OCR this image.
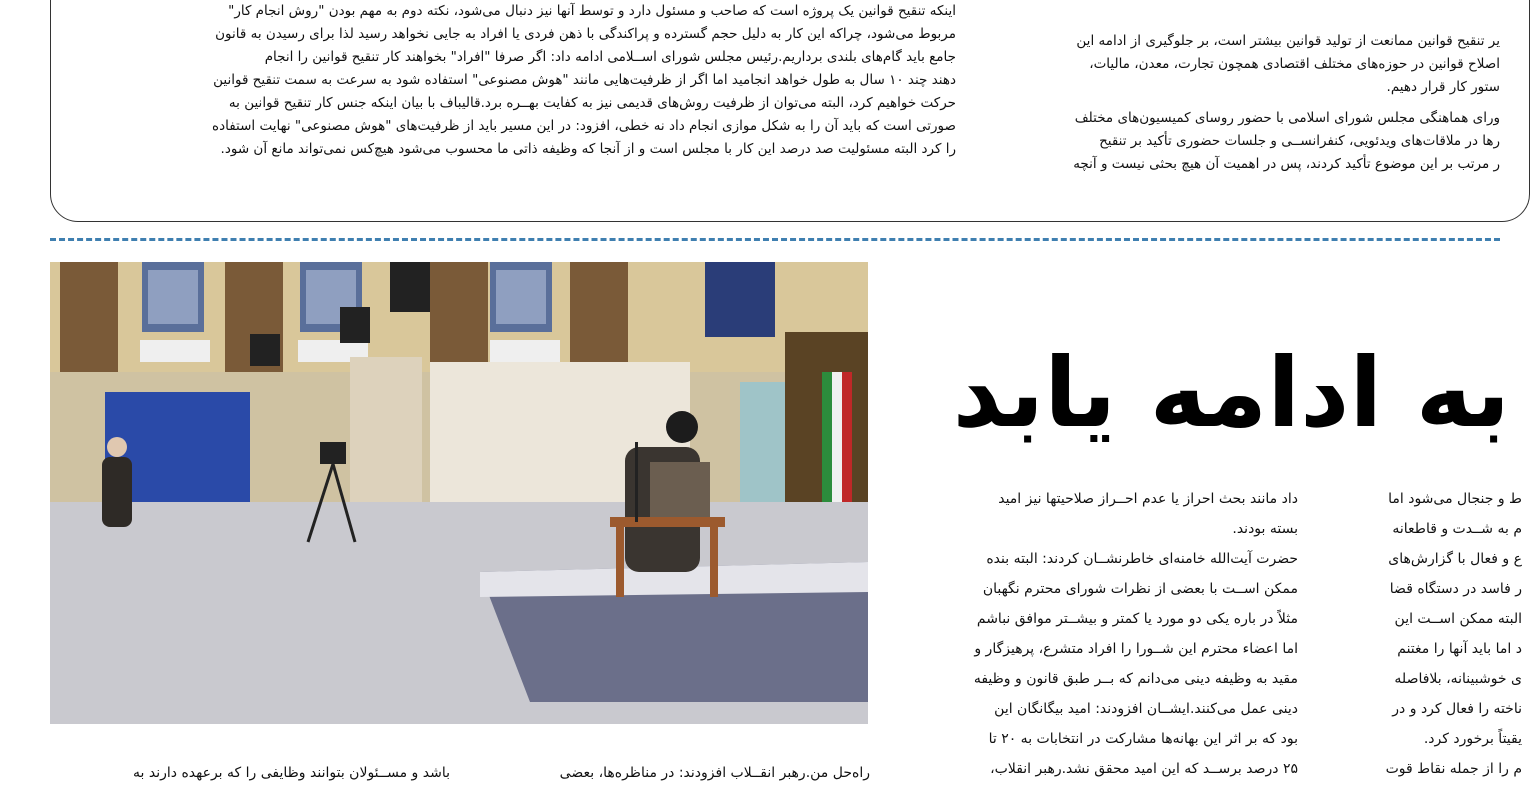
اینکه تنقیح قوانین یک پروژه است که صاحب و مسئول دارد و توسط آنها نیز دنبال می‌شود، نکته دوم به مهم بودن "روش انجام کار"
مربوط می‌شود، چراکه این کار به دلیل حجم گسترده و پراکندگی با ذهن فردی یا افراد به جایی نخواهد رسید لذا برای رسیدن به قانون
جامع باید گام‌های بلندی برداریم.رئیس مجلس شورای اســلامی ادامه داد: اگر صرفا "افراد" بخواهند کار تنقیح قوانین را انجام
دهند چند ۱۰ سال به طول خواهد انجامید اما اگر از ظرفیت‌هایی مانند "هوش مصنوعی" استفاده شود به سرعت به سمت تنقیح قوانین
حرکت خواهیم کرد، البته می‌توان از ظرفیت روش‌های قدیمی نیز به کفایت بهــره برد.قالیباف با بیان اینکه جنس کار تنقیح قوانین به
صورتی است که باید آن را به شکل موازی انجام داد نه خطی، افزود: در این مسیر باید از ظرفیت‌های "هوش مصنوعی" نهایت استفاده
را کرد البته مسئولیت صد درصد این کار با مجلس است و از آنجا که وظیفه ذاتی ما محسوب می‌شود هیچ‌کس نمی‌تواند مانع آن شود.
یر تنقیح قوانین ممانعت از تولید قوانین بیشتر است، بر جلوگیری از ادامه این
اصلاح قوانین در حوزه‌های مختلف اقتصادی همچون تجارت، معدن، مالیات،
ستور کار قرار دهیم.
ورای هماهنگی مجلس شورای اسلامی با حضور روسای کمیسیون‌های مختلف
رها در ملاقات‌های ویدئویی، کنفرانســی و جلسات حضوری تأکید بر تنقیح
ر مرتب بر این موضوع تأکید کردند، پس در اهمیت آن هیچ بحثی نیست و آنچه
به ادامه یابد
داد مانند بحث احراز یا عدم احــراز صلاحیتها نیز امید
بسته بودند.
حضرت آیت‌الله خامنه‌ای خاطرنشــان کردند: البته بنده
ممکن اســت با بعضی از نظرات شورای محترم نگهبان
مثلاً در باره یکی دو مورد یا کمتر و بیشــتر موافق نباشم
اما اعضاء محترم این شــورا را افراد متشرع، پرهیزگار و
مقید به وظیفه دینی می‌دانم که بــر طبق قانون و وظیفه
دینی عمل می‌کنند.ایشــان افزودند: امید بیگانگان این
بود که بر اثر این بهانه‌ها مشارکت در انتخابات به ۲۰ تا
۲۵ درصد برســد که این امید محقق نشد.رهبر انقلاب،
ط و جنجال می‌شود اما
م به شــدت و قاطعانه
ع و فعال با گزارش‌های
ر فاسد در دستگاه قضا
البته ممکن اســت این
د اما باید آنها را مغتنم
ی خوشبینانه، بلافاصله
ناخته را فعال کرد و در
یقیتاً برخورد کرد.
م را از جمله نقاط قوت
باشد و مســئولان بتوانند وظایفی را که برعهده دارند به	راه‌حل من.رهبر انقــلاب افزودند: در مناظره‌ها، بعضی
